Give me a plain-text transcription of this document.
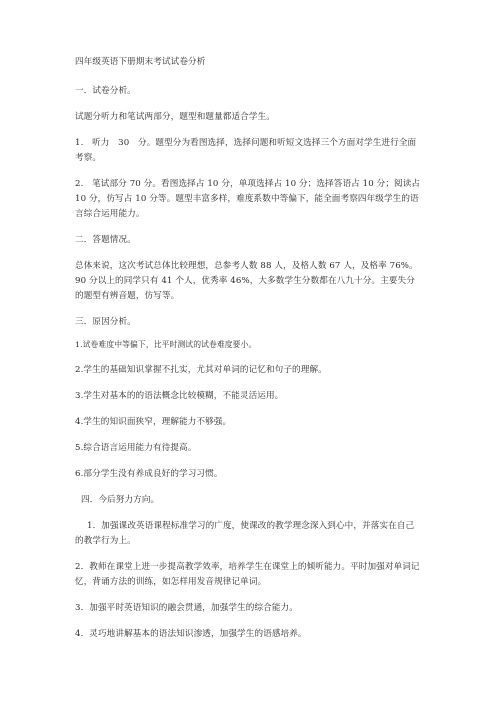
四年级英语下册期末考试试卷分析

一．试卷分析。

试题分听力和笔试两部分，题型和题量都适合学生。

1.　听力　30　分。题型分为看图选择，选择问题和听短文选择三个方面对学生进行全面考察。

2.　笔试部分 70 分。看图选择占 10 分，单项选择占 10 分；选择答语占 10 分；阅读占 10 分，仿写占 10 分等。题型丰富多样，难度系数中等偏下，能全面考察四年级学生的语言综合运用能力。

二．答题情况。

总体来说，这次考试总体比较理想，总参考人数 88 人，及格人数 67 人，及格率 76%。90 分以上的同学只有 41 个人，优秀率 46%，大多数学生分数都在八九十分。主要失分的题型有辨音题，仿写等。

三．原因分析。

1.试卷难度中等偏下，比平时测试的试卷难度要小。

2.学生的基础知识掌握不扎实，尤其对单词的记忆和句子的理解。

3.学生对基本的的语法概念比较模糊，不能灵活运用。

4.学生的知识面狭窄，理解能力不够强。

5.综合语言运用能力有待提高。

6.部分学生没有养成良好的学习习惯。

四．今后努力方向。

1．加强课改英语课程标准学习的广度，使课改的教学理念深入到心中，并落实在自己的教学行为上。

2．教师在课堂上进一步提高教学效率，培养学生在课堂上的倾听能力。平时加强对单词记忆，背诵方法的训练，如怎样用发音规律记单词。

3．加强平时英语知识的融会贯通，加强学生的综合能力。

4．灵巧地讲解基本的语法知识渗透，加强学生的语感培养。
